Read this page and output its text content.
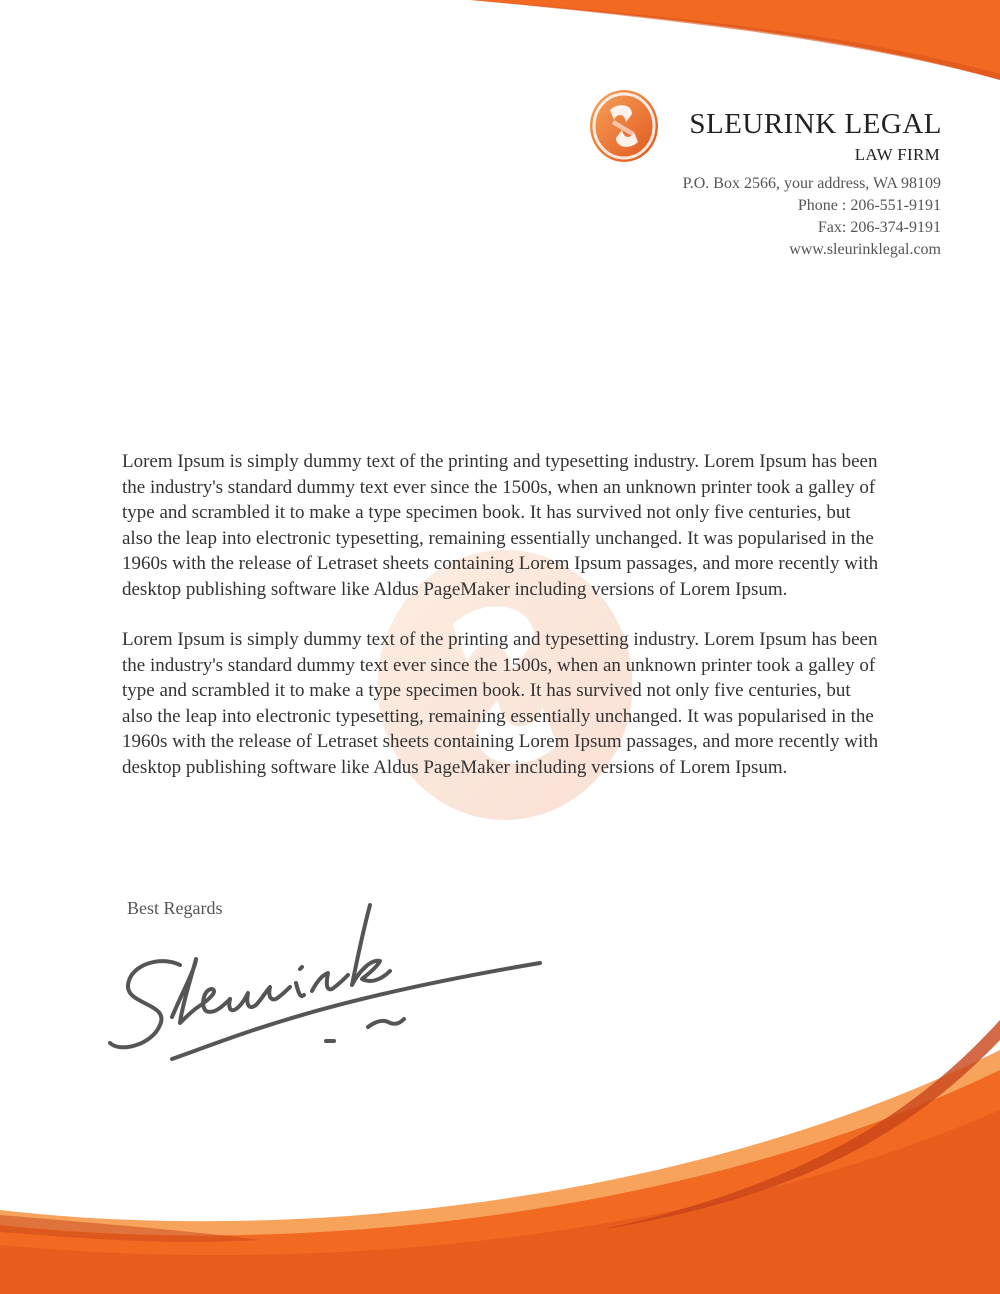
SLEURINK LEGAL
LAW FIRM
P.O. Box 2566, your address, WA 98109
Phone : 206-551-9191
Fax: 206-374-9191
www.sleurinklegal.com

Lorem Ipsum is simply dummy text of the printing and typesetting industry. Lorem Ipsum has been the industry's standard dummy text ever since the 1500s, when an unknown printer took a galley of type and scrambled it to make a type specimen book. It has survived not only five centuries, but also the leap into electronic typesetting, remaining essentially unchanged. It was popularised in the 1960s with the release of Letraset sheets containing Lorem Ipsum passages, and more recently with desktop publishing software like Aldus PageMaker including versions of Lorem Ipsum.

Lorem Ipsum is simply dummy text of the printing and typesetting industry. Lorem Ipsum has been the industry's standard dummy text ever since the 1500s, when an unknown printer took a galley of type and scrambled it to make a type specimen book. It has survived not only five centuries, but also the leap into electronic typesetting, remaining essentially unchanged. It was popularised in the 1960s with the release of Letraset sheets containing Lorem Ipsum passages, and more recently with desktop publishing software like Aldus PageMaker including versions of Lorem Ipsum.

Best Regards
